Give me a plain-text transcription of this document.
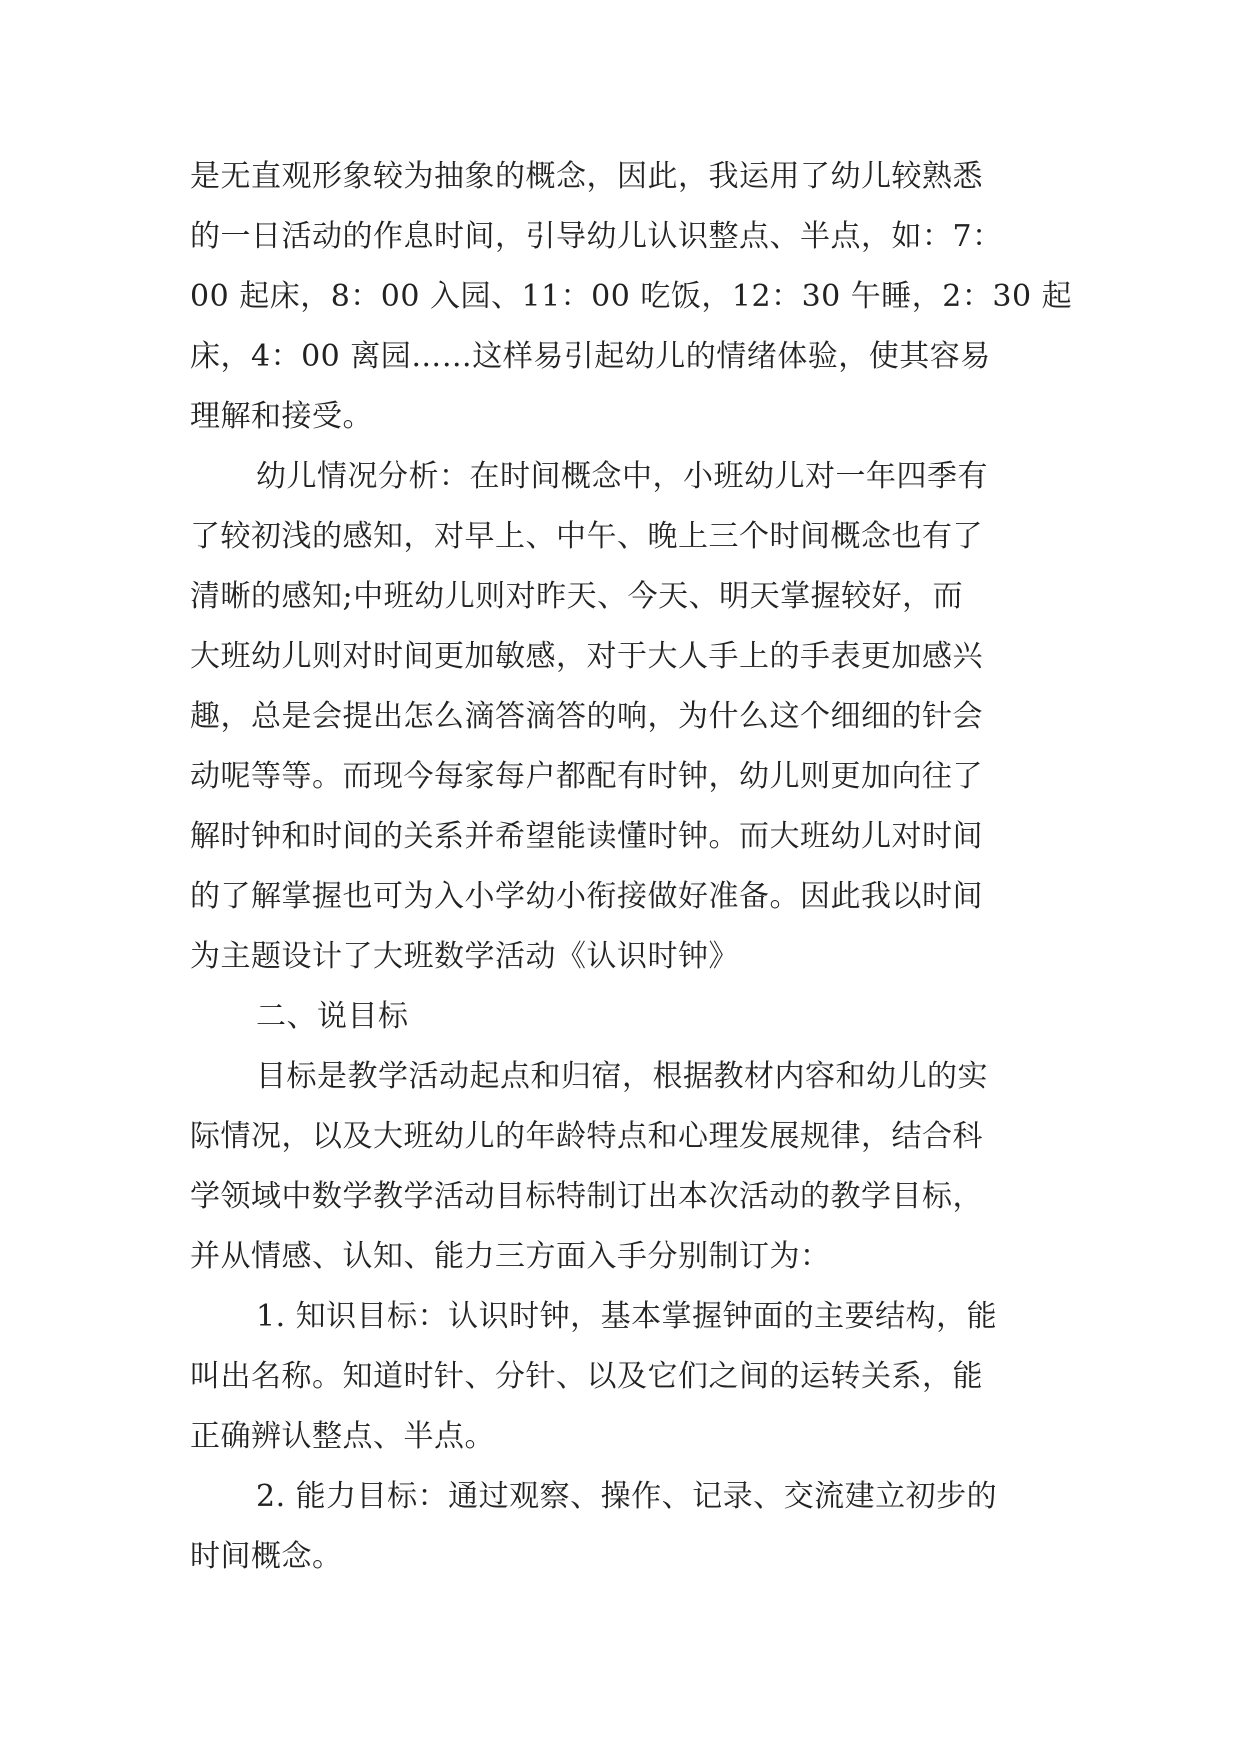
是无直观形象较为抽象的概念，因此，我运用了幼儿较熟悉
的一日活动的作息时间，引导幼儿认识整点、半点，如：7：
00 起床，8：00 入园、11：00 吃饭，12：30 午睡，2：30 起
床，4：00 离园……这样易引起幼儿的情绪体验，使其容易
理解和接受。
幼儿情况分析：在时间概念中，小班幼儿对一年四季有
了较初浅的感知，对早上、中午、晚上三个时间概念也有了
清晰的感知;中班幼儿则对昨天、今天、明天掌握较好，而
大班幼儿则对时间更加敏感，对于大人手上的手表更加感兴
趣，总是会提出怎么滴答滴答的响，为什么这个细细的针会
动呢等等。而现今每家每户都配有时钟，幼儿则更加向往了
解时钟和时间的关系并希望能读懂时钟。而大班幼儿对时间
的了解掌握也可为入小学幼小衔接做好准备。因此我以时间
为主题设计了大班数学活动《认识时钟》
二、说目标
目标是教学活动起点和归宿，根据教材内容和幼儿的实
际情况，以及大班幼儿的年龄特点和心理发展规律，结合科
学领域中数学教学活动目标特制订出本次活动的教学目标，
并从情感、认知、能力三方面入手分别制订为：
1. 知识目标：认识时钟，基本掌握钟面的主要结构，能
叫出名称。知道时针、分针、以及它们之间的运转关系，能
正确辨认整点、半点。
2. 能力目标：通过观察、操作、记录、交流建立初步的
时间概念。
